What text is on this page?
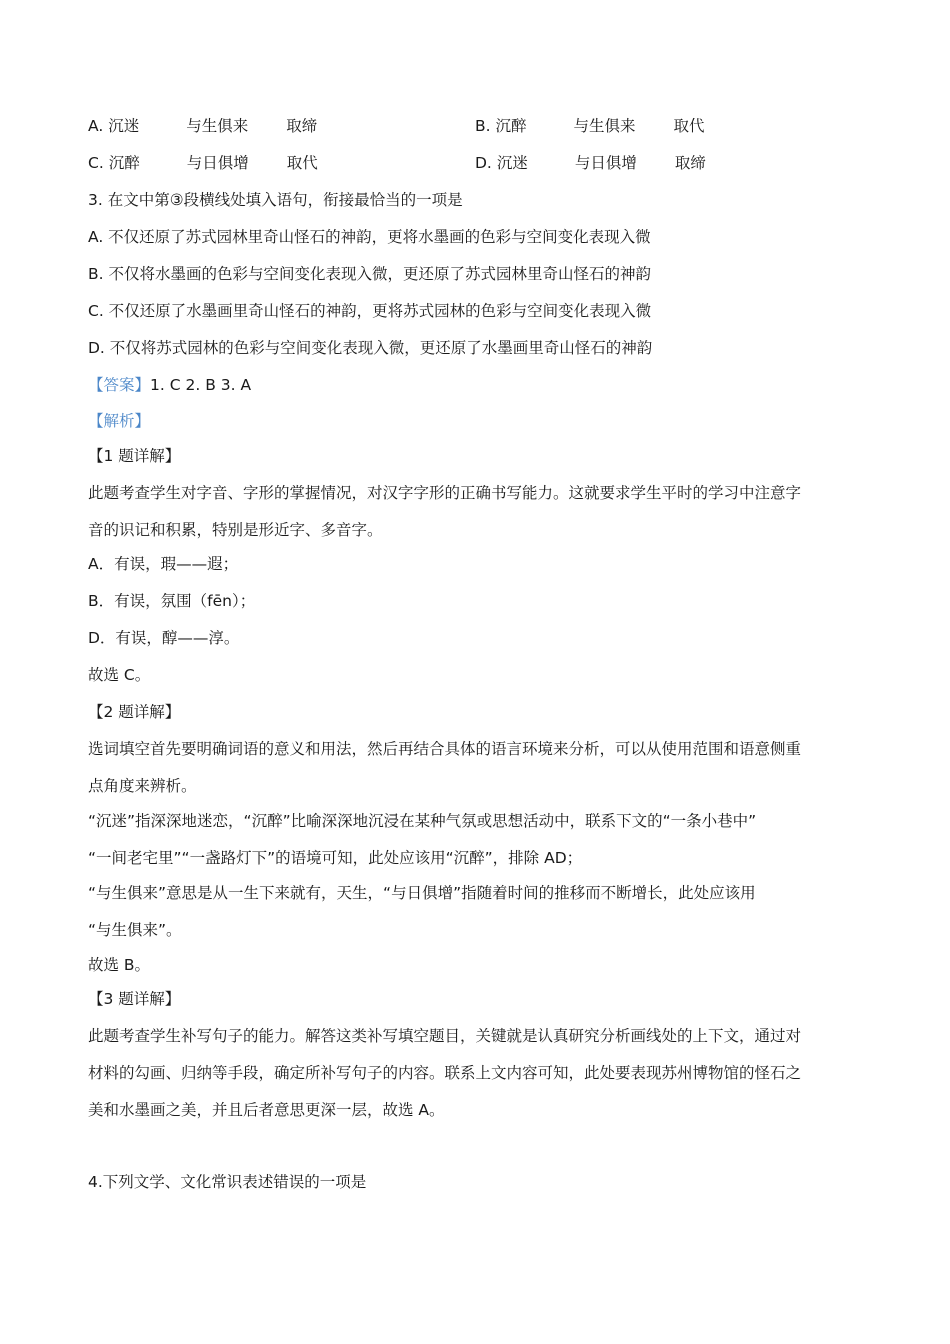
A. 沉迷	与生俱来 取缔	B. 沉醉	与生俱来 取代
C. 沉醉	与日俱增 取代	D. 沉迷	与日俱增 取缔
3. 在文中第③段横线处填入语句，衔接最恰当的一项是
A. 不仅还原了苏式园林里奇山怪石的神韵，更将水墨画的色彩与空间变化表现入微
B. 不仅将水墨画的色彩与空间变化表现入微，更还原了苏式园林里奇山怪石的神韵
C. 不仅还原了水墨画里奇山怪石的神韵，更将苏式园林的色彩与空间变化表现入微
D. 不仅将苏式园林的色彩与空间变化表现入微，更还原了水墨画里奇山怪石的神韵
【答案】1. C 2. B 3. A
【解析】
【1 题详解】
此题考查学生对字音、字形的掌握情况，对汉字字形的正确书写能力。这就要求学生平时的学习中注意字
音的识记和积累，特别是形近字、多音字。
A．有误，瑕——遐；
B．有误，氛围（fēn）；
D．有误，醇——淳。
故选 C。
【2 题详解】
选词填空首先要明确词语的意义和用法，然后再结合具体的语言环境来分析，可以从使用范围和语意侧重
点角度来辨析。
“沉迷”指深深地迷恋，“沉醉”比喻深深地沉浸在某种气氛或思想活动中，联系下文的“一条小巷中”
“一间老宅里”“一盏路灯下”的语境可知，此处应该用“沉醉”，排除 AD；
“与生俱来”意思是从一生下来就有，天生，“与日俱增”指随着时间的推移而不断增长，此处应该用
“与生俱来”。
故选 B。
【3 题详解】
此题考查学生补写句子的能力。解答这类补写填空题目，关键就是认真研究分析画线处的上下文，通过对
材料的勾画、归纳等手段，确定所补写句子的内容。联系上文内容可知，此处要表现苏州博物馆的怪石之
美和水墨画之美，并且后者意思更深一层，故选 A。
4.下列文学、文化常识表述错误的一项是
